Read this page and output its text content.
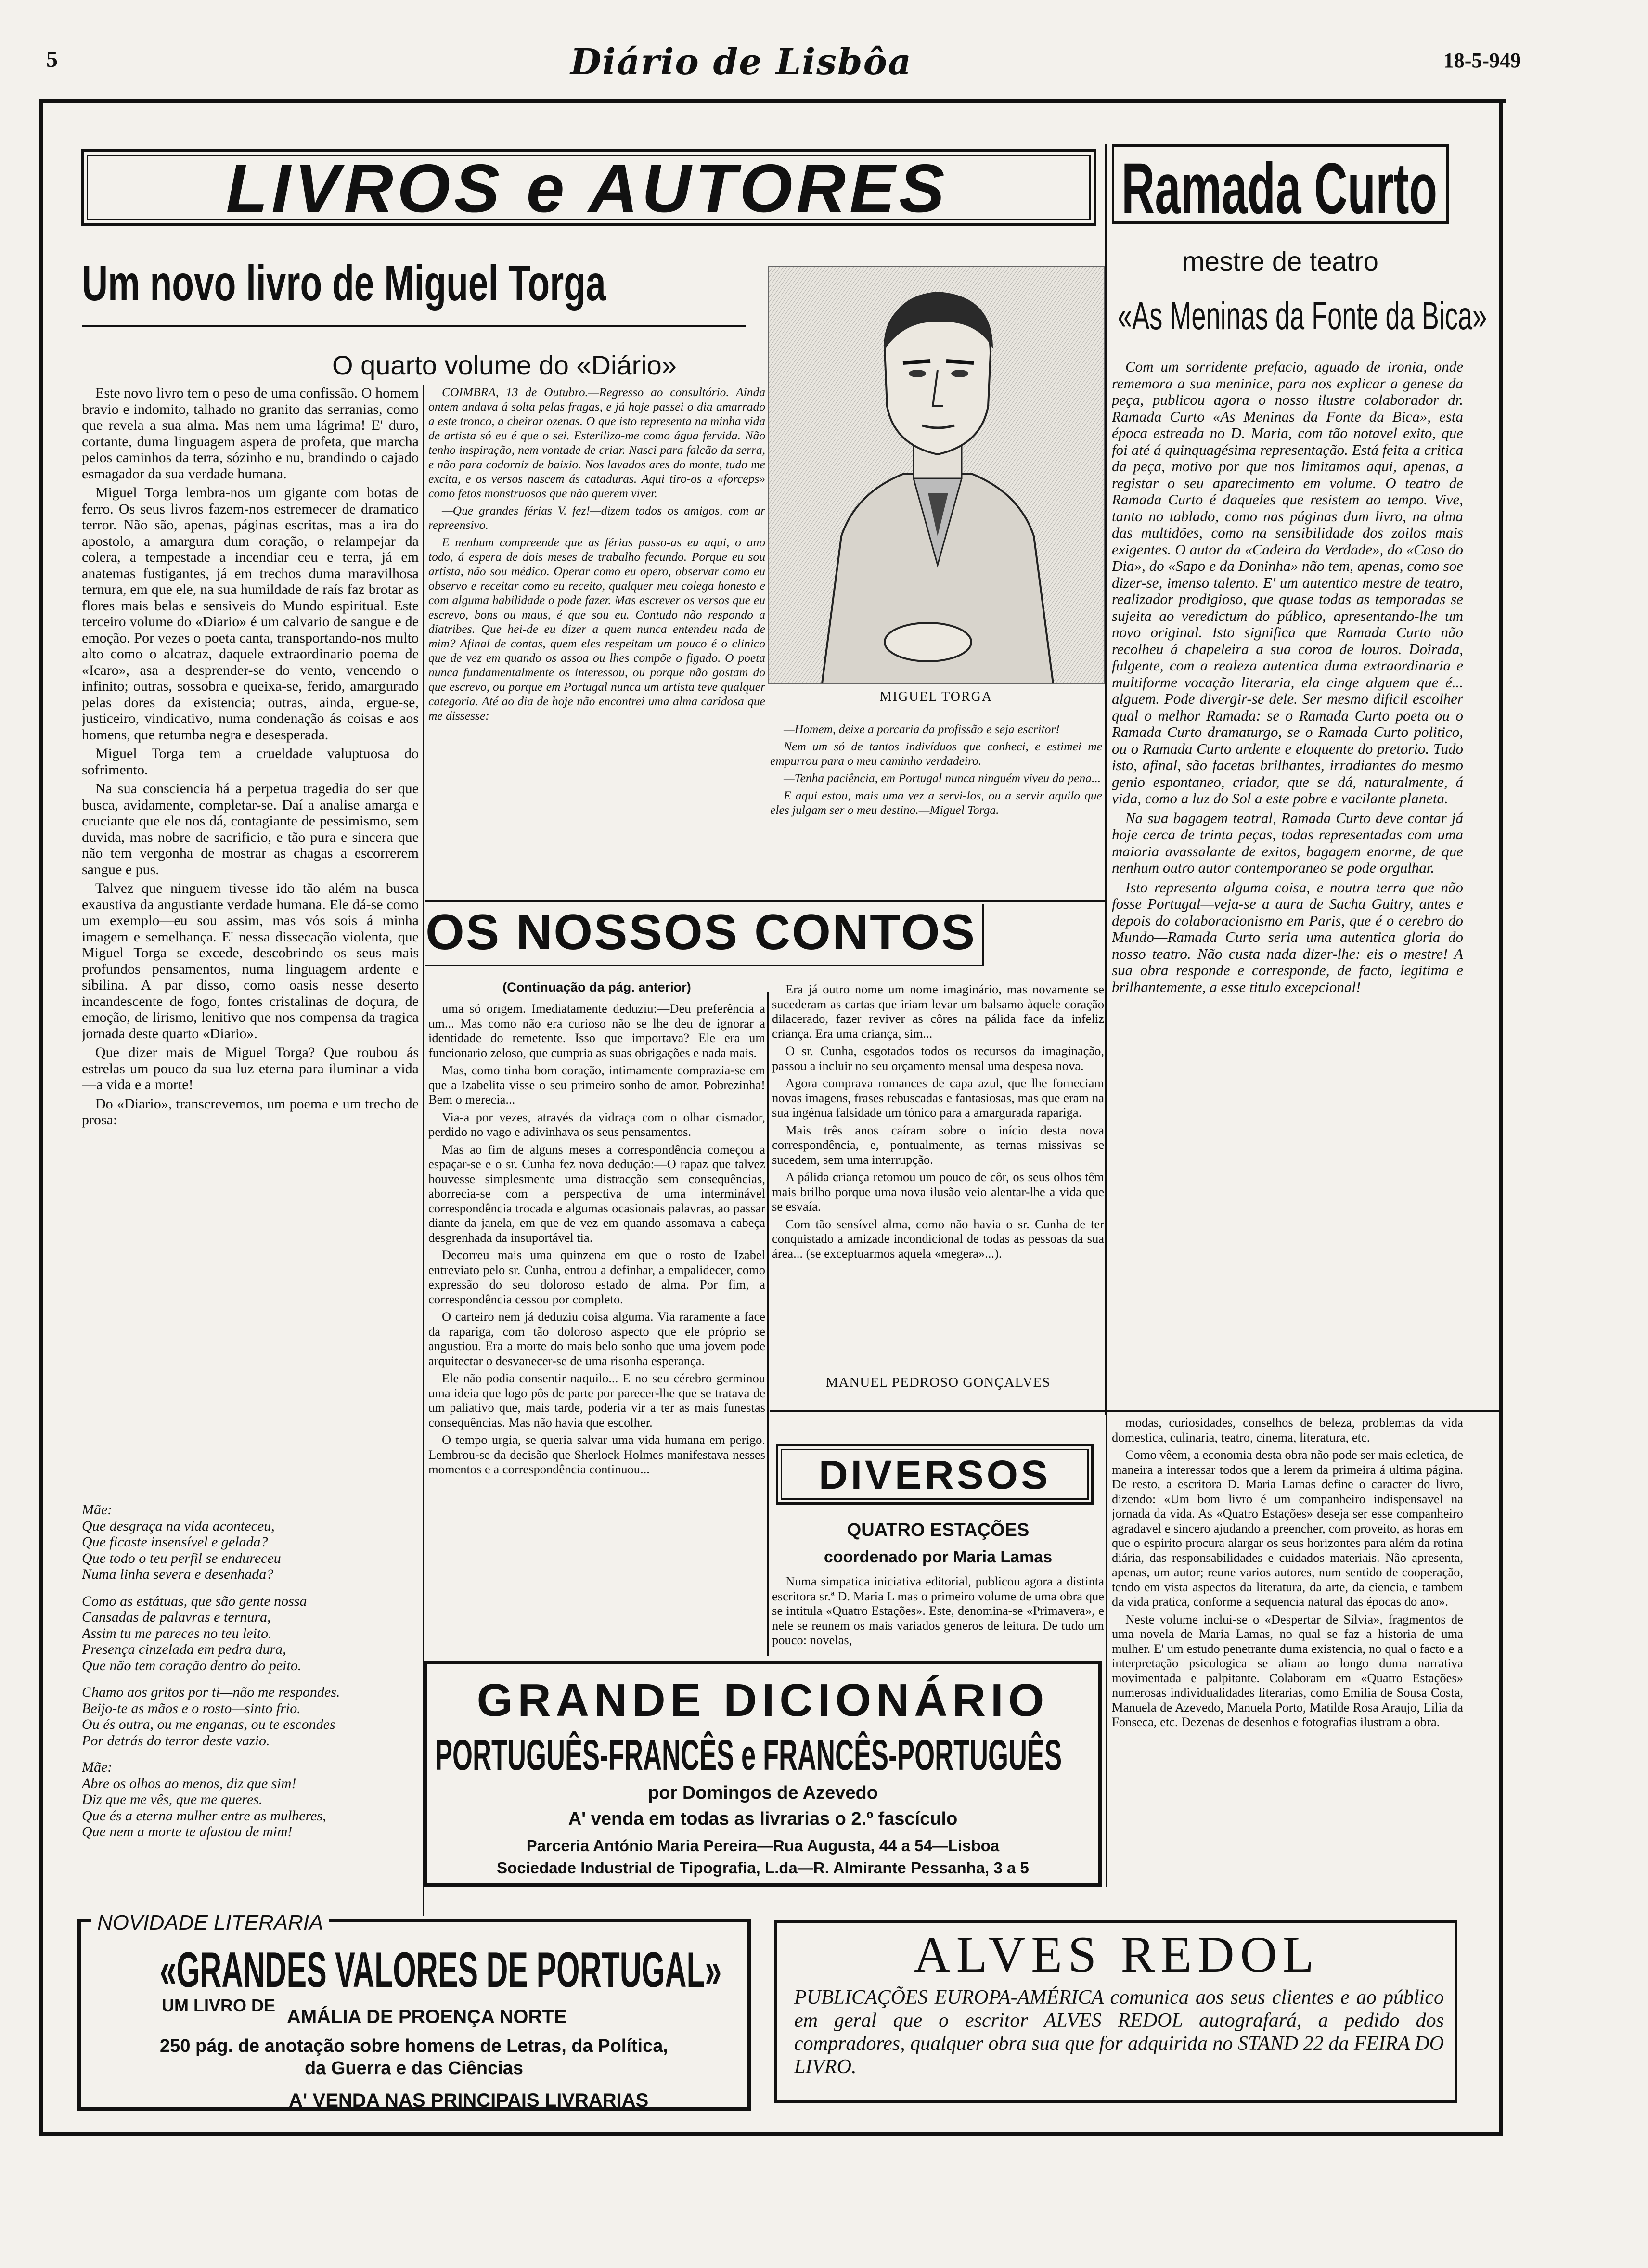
5	Diário de Lisbôa	18-5-949
LIVROS e AUTORES
Um novo livro de Miguel Torga
O quarto volume do «Diário»

Este novo livro tem o peso de uma confissão. O homem bravio e indomito, talhado no granito das serranias, como que revela a sua alma. Mas nem uma lágrima! E' duro, cortante, duma linguagem aspera de profeta, que marcha pelos caminhos da terra, sózinho e nu, brandindo o cajado esmagador da sua verdade humana.

Miguel Torga lembra-nos um gigante com botas de ferro. Os seus livros fazem-nos estremecer de dramatico terror. Não são, apenas, páginas escritas, mas a ira do apostolo, a amargura dum coração, o relampejar da colera, a tempestade a incendiar ceu e terra, já em anatemas fustigantes, já em trechos duma maravilhosa ternura, em que ele, na sua humildade de raís faz brotar as flores mais belas e sensiveis do Mundo espiritual. Este terceiro volume do «Diario» é um calvario de sangue e de emoção. Por vezes o poeta canta, transportando-nos multo alto como o alcatraz, daquele extraordinario poema de «Icaro», asa a desprender-se do vento, vencendo o infinito; outras, sossobra e queixa-se, ferido, amargurado pelas dores da existencia; outras, ainda, ergue-se, justiceiro, vindicativo, numa condenação ás coisas e aos homens, que retumba negra e desesperada.

Miguel Torga tem a crueldade valuptuosa do sofrimento.

Na sua consciencia há a perpetua tragedia do ser que busca, avidamente, completar-se. Daí a analise amarga e cruciante que ele nos dá, contagiante de pessimismo, sem duvida, mas nobre de sacrificio, e tão pura e sincera que não tem vergonha de mostrar as chagas a escorrerem sangue e pus.

Talvez que ninguem tivesse ido tão além na busca exaustiva da angustiante verdade humana. Ele dá-se como um exemplo—eu sou assim, mas vós sois á minha imagem e semelhança. E' nessa dissecação violenta, que Miguel Torga se excede, descobrindo os seus mais profundos pensamentos, numa linguagem ardente e sibilina. A par disso, como oasis nesse deserto incandescente de fogo, fontes cristalinas de doçura, de emoção, de lirismo, lenitivo que nos compensa da tragica jornada deste quarto «Diario».

Que dizer mais de Miguel Torga? Que roubou ás estrelas um pouco da sua luz eterna para iluminar a vida —a vida e a morte!

Do «Diario», transcrevemos, um poema e um trecho de prosa:

Mãe:

Que desgraça na vida aconteceu,

Que ficaste insensível e gelada?

Que todo o teu perfil se endureceu

Numa linha severa e desenhada?

Como as estátuas, que são gente nossa

Cansadas de palavras e ternura,

Assim tu me pareces no teu leito.

Presença cinzelada em pedra dura,

Que não tem coração dentro do peito.

Chamo aos gritos por ti—não me respondes.

Beijo-te as mãos e o rosto—sinto frio.

Ou és outra, ou me enganas, ou te escondes

Por detrás do terror deste vazio.

Mãe:

Abre os olhos ao menos, diz que sim!

Diz que me vês, que me queres.

Que és a eterna mulher entre as mulheres,

Que nem a morte te afastou de mim!

COIMBRA, 13 de Outubro.—Regresso ao consultório. Ainda ontem andava á solta pelas fragas, e já hoje passei o dia amarrado a este tronco, a cheirar ozenas. O que isto representa na minha vida de artista só eu é que o sei. Esterilizo-me como água fervida. Não tenho inspiração, nem vontade de criar. Nasci para falcão da serra, e não para codorniz de baixio. Nos lavados ares do monte, tudo me excita, e os versos nascem ás cataduras. Aqui tiro-os a «forceps» como fetos monstruosos que não querem viver.

—Que grandes férias V. fez!—dizem todos os amigos, com ar repreensivo.

E nenhum compreende que as férias passo-as eu aqui, o ano todo, á espera de dois meses de trabalho fecundo. Porque eu sou artista, não sou médico. Operar como eu opero, observar como eu observo e receitar como eu receito, qualquer meu colega honesto e com alguma habilidade o pode fazer. Mas escrever os versos que eu escrevo, bons ou maus, é que sou eu. Contudo não respondo a diatribes. Que hei-de eu dizer a quem nunca entendeu nada de mim? Afinal de contas, quem eles respeitam um pouco é o clinico que de vez em quando os assoa ou lhes compõe o figado. O poeta nunca fundamentalmente os interessou, ou porque não gostam do que escrevo, ou porque em Portugal nunca um artista teve qualquer categoria. Até ao dia de hoje não encontrei uma alma caridosa que me dissesse:

MIGUEL TORGA

—Homem, deixe a porcaria da profissão e seja escritor!

Nem um só de tantos indivíduos que conheci, e estimei me empurrou para o meu caminho verdadeiro.

—Tenha paciência, em Portugal nunca ninguém viveu da pena...

E aqui estou, mais uma vez a servi-los, ou a servir aquilo que eles julgam ser o meu destino.—Miguel Torga.

Ramada Curto
mestre de teatro
«As Meninas da Fonte da Bica»

Com um sorridente prefacio, aguado de ironia, onde rememora a sua meninice, para nos explicar a genese da peça, publicou agora o nosso ilustre colaborador dr. Ramada Curto «As Meninas da Fonte da Bica», esta época estreada no D. Maria, com tão notavel exito, que foi até á quinquagésima representação. Está feita a critica da peça, motivo por que nos limitamos aqui, apenas, a registar o seu aparecimento em volume. O teatro de Ramada Curto é daqueles que resistem ao tempo. Vive, tanto no tablado, como nas páginas dum livro, na alma das multidões, como na sensibilidade dos zoilos mais exigentes. O autor da «Cadeira da Verdade», do «Caso do Dia», do «Sapo e da Doninha» não tem, apenas, como soe dizer-se, imenso talento. E' um autentico mestre de teatro, realizador prodigioso, que quase todas as temporadas se sujeita ao veredictum do público, apresentando-lhe um novo original. Isto significa que Ramada Curto não recolheu á chapeleira a sua coroa de louros. Doirada, fulgente, com a realeza autentica duma extraordinaria e multiforme vocação literaria, ela cinge alguem que é... alguem. Pode divergir-se dele. Ser mesmo dificil escolher qual o melhor Ramada: se o Ramada Curto poeta ou o Ramada Curto dramaturgo, se o Ramada Curto politico, ou o Ramada Curto ardente e eloquente do pretorio. Tudo isto, afinal, são facetas brilhantes, irradiantes do mesmo genio espontaneo, criador, que se dá, naturalmente, á vida, como a luz do Sol a este pobre e vacilante planeta.

Na sua bagagem teatral, Ramada Curto deve contar já hoje cerca de trinta peças, todas representadas com uma maioria avassalante de exitos, bagagem enorme, de que nenhum outro autor contemporaneo se pode orgulhar.

Isto representa alguma coisa, e noutra terra que não fosse Portugal—veja-se a aura de Sacha Guitry, antes e depois do colaboracionismo em Paris, que é o cerebro do Mundo—Ramada Curto seria uma autentica gloria do nosso teatro. Não custa nada dizer-lhe: eis o mestre! A sua obra responde e corresponde, de facto, legitima e brilhantemente, a esse titulo excepcional!

OS NOSSOS CONTOS
(Continuação da pág. anterior)

uma só origem. Imediatamente deduziu:—Deu preferência a um... Mas como não era curioso não se lhe deu de ignorar a identidade do remetente. Isso que importava? Ele era um funcionario zeloso, que cumpria as suas obrigações e nada mais.

Mas, como tinha bom coração, intimamente comprazia-se em que a Izabelita visse o seu primeiro sonho de amor. Pobrezinha! Bem o merecia...

Via-a por vezes, através da vidraça com o olhar cismador, perdido no vago e adivinhava os seus pensamentos.

Mas ao fim de alguns meses a correspondência começou a espaçar-se e o sr. Cunha fez nova dedução:—O rapaz que talvez houvesse simplesmente uma distracção sem consequências, aborrecia-se com a perspectiva de uma interminável correspondência trocada e algumas ocasionais palavras, ao passar diante da janela, em que de vez em quando assomava a cabeça desgrenhada da insuportável tia.

Decorreu mais uma quinzena em que o rosto de Izabel entreviato pelo sr. Cunha, entrou a definhar, a empalidecer, como expressão do seu doloroso estado de alma. Por fim, a correspondência cessou por completo.

O carteiro nem já deduziu coisa alguma. Via raramente a face da rapariga, com tão doloroso aspecto que ele próprio se angustiou. Era a morte do mais belo sonho que uma jovem pode arquitectar o desvanecer-se de uma risonha esperança.

Ele não podia consentir naquilo... E no seu cérebro germinou uma ideia que logo pôs de parte por parecer-lhe que se tratava de um paliativo que, mais tarde, poderia vir a ter as mais funestas consequências. Mas não havia que escolher.

O tempo urgia, se queria salvar uma vida humana em perigo. Lembrou-se da decisão que Sherlock Holmes manifestava nesses momentos e a correspondência continuou...

Era já outro nome um nome imaginário, mas novamente se sucederam as cartas que iriam levar um balsamo àquele coração dilacerado, fazer reviver as côres na pálida face da infeliz criança. Era uma criança, sim...

O sr. Cunha, esgotados todos os recursos da imaginação, passou a incluir no seu orçamento mensal uma despesa nova.

Agora comprava romances de capa azul, que lhe forneciam novas imagens, frases rebuscadas e fantasiosas, mas que eram na sua ingénua falsidade um tónico para a amargurada rapariga.

Mais três anos caíram sobre o início desta nova correspondência, e, pontualmente, as ternas missivas se sucedem, sem uma interrupção.

A pálida criança retomou um pouco de côr, os seus olhos têm mais brilho porque uma nova ilusão veio alentar-lhe a vida que se esvaía.

Com tão sensível alma, como não havia o sr. Cunha de ter conquistado a amizade incondicional de todas as pessoas da sua área... (se exceptuarmos aquela «megera»...).

MANUEL PEDROSO GONÇALVES
DIVERSOS
QUATRO ESTAÇÕES
coordenado por Maria Lamas

Numa simpatica iniciativa editorial, publicou agora a distinta escritora sr.ª D. Maria L mas o primeiro volume de uma obra que se intitula «Quatro Estações». Este, denomina-se «Primavera», e nele se reunem os mais variados generos de leitura. De tudo um pouco: novelas,

modas, curiosidades, conselhos de beleza, problemas da vida domestica, culinaria, teatro, cinema, literatura, etc.

Como vêem, a economia desta obra não pode ser mais ecletica, de maneira a interessar todos que a lerem da primeira á ultima página. De resto, a escritora D. Maria Lamas define o caracter do livro, dizendo: «Um bom livro é um companheiro indispensavel na jornada da vida. As «Quatro Estações» deseja ser esse companheiro agradavel e sincero ajudando a preencher, com proveito, as horas em que o espirito procura alargar os seus horizontes para além da rotina diária, das responsabilidades e cuidados materiais. Não apresenta, apenas, um autor; reune varios autores, num sentido de cooperação, tendo em vista aspectos da literatura, da arte, da ciencia, e tambem da vida pratica, conforme a sequencia natural das épocas do ano».

Neste volume inclui-se o «Despertar de Silvia», fragmentos de uma novela de Maria Lamas, no qual se faz a historia de uma mulher. E' um estudo penetrante duma existencia, no qual o facto e a interpretação psicologica se aliam ao longo duma narrativa movimentada e palpitante. Colaboram em «Quatro Estações» numerosas individualidades literarias, como Emilia de Sousa Costa, Manuela de Azevedo, Manuela Porto, Matilde Rosa Araujo, Lilia da Fonseca, etc. Dezenas de desenhos e fotografias ilustram a obra.

GRANDE DICIONÁRIO
PORTUGUÊS-FRANCÊS e FRANCÊS-PORTUGUÊS
por Domingos de Azevedo
A' venda em todas as livrarias o 2.º fascículo
Parceria António Maria Pereira—Rua Augusta, 44 a 54—Lisboa
Sociedade Industrial de Tipografia, L.da—R. Almirante Pessanha, 3 a 5
NOVIDADE LITERARIA
«GRANDES VALORES DE PORTUGAL»
UM LIVRO DE
AMÁLIA DE PROENÇA NORTE
250 pág. de anotação sobre homens de Letras, da Política,
da Guerra e das Ciências
A' VENDA NAS PRINCIPAIS LIVRARIAS
ALVES REDOL
PUBLICAÇÕES EUROPA-AMÉRICA comunica aos seus clientes e ao público em geral que o escritor ALVES REDOL autografará, a pedido dos compradores, qualquer obra sua que for adquirida no STAND 22 da FEIRA DO LIVRO.
